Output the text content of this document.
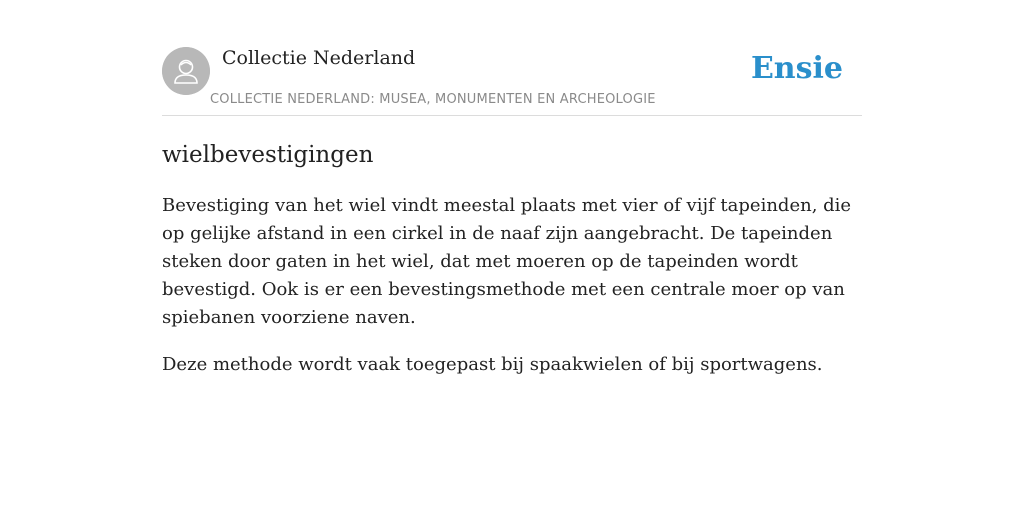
Collectie Nederland
COLLECTIE NEDERLAND: MUSEA, MONUMENTEN EN ARCHEOLOGIE
Ensie
wielbevestigingen

Bevestiging van het wiel vindt meestal plaats met vier of vijf tapeinden, die op gelijke afstand in een cirkel in de naaf zijn aangebracht. De tapeinden steken door gaten in het wiel, dat met moeren op de tapeinden wordt bevestigd. Ook is er een bevestingsmethode met een centrale moer op van spiebanen voorziene naven.

Deze methode wordt vaak toegepast bij spaakwielen of bij sportwagens.
